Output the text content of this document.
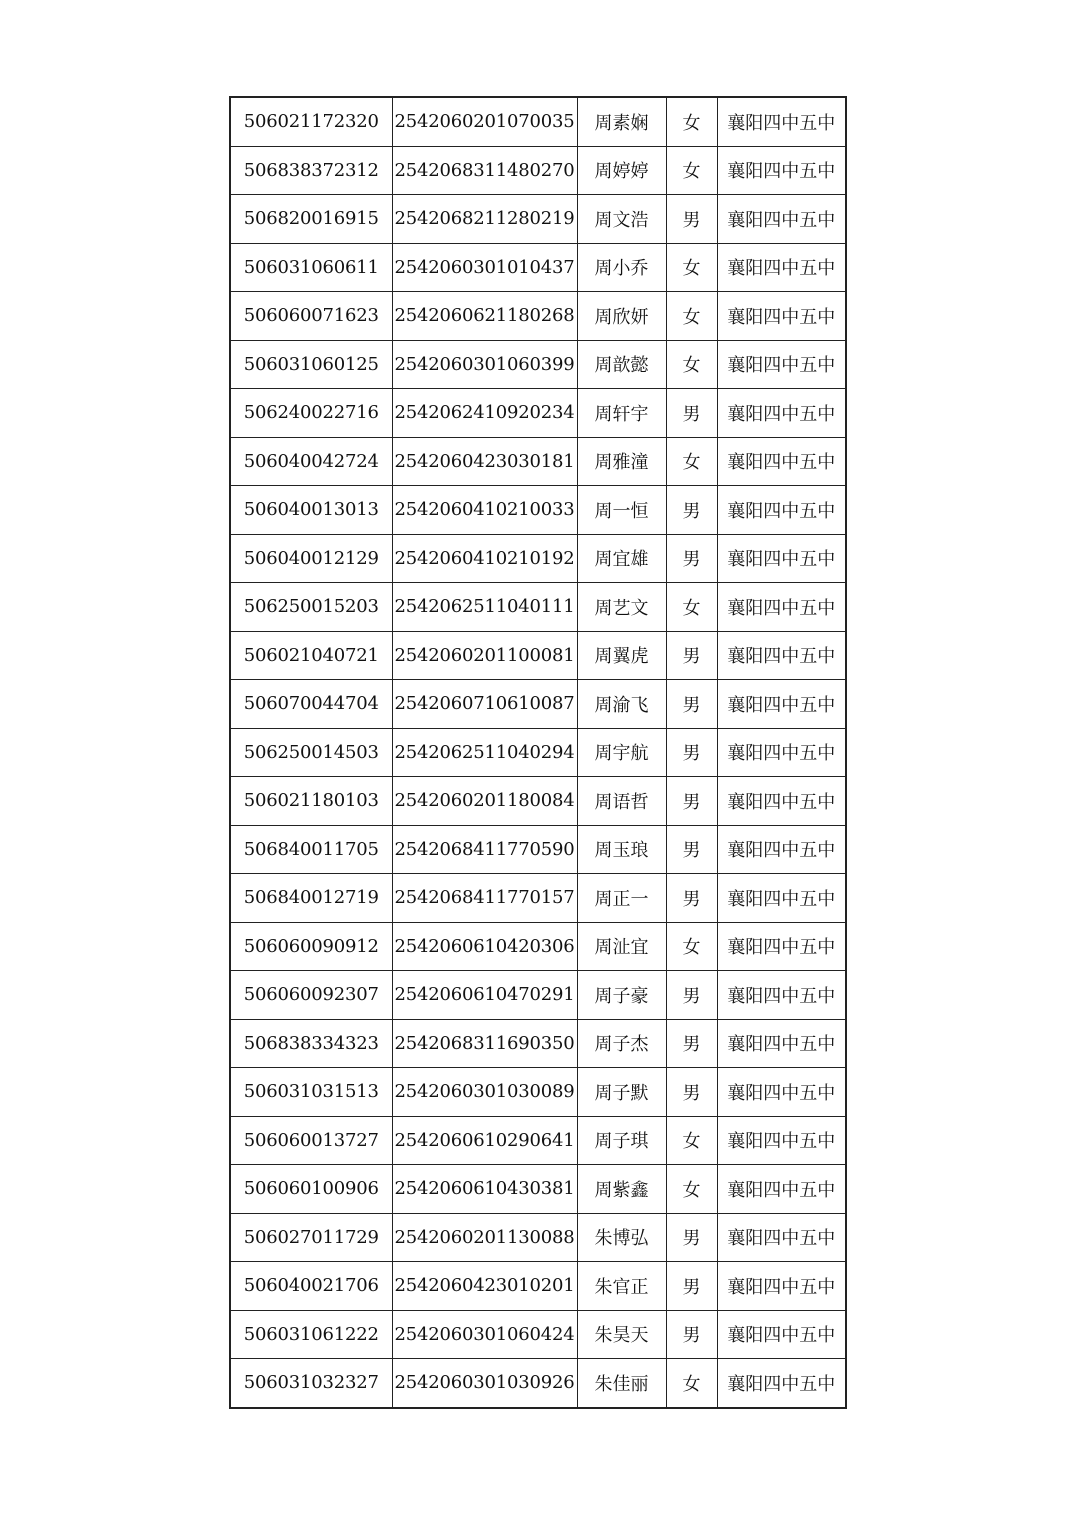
506021172320	2542060201070035	周素娴	女	襄阳四中五中
506838372312	2542068311480270	周婷婷	女	襄阳四中五中
506820016915	2542068211280219	周文浩	男	襄阳四中五中
506031060611	2542060301010437	周小乔	女	襄阳四中五中
506060071623	2542060621180268	周欣妍	女	襄阳四中五中
506031060125	2542060301060399	周歆懿	女	襄阳四中五中
506240022716	2542062410920234	周轩宇	男	襄阳四中五中
506040042724	2542060423030181	周雅潼	女	襄阳四中五中
506040013013	2542060410210033	周一恒	男	襄阳四中五中
506040012129	2542060410210192	周宜雄	男	襄阳四中五中
506250015203	2542062511040111	周艺文	女	襄阳四中五中
506021040721	2542060201100081	周翼虎	男	襄阳四中五中
506070044704	2542060710610087	周渝飞	男	襄阳四中五中
506250014503	2542062511040294	周宇航	男	襄阳四中五中
506021180103	2542060201180084	周语哲	男	襄阳四中五中
506840011705	2542068411770590	周玉琅	男	襄阳四中五中
506840012719	2542068411770157	周正一	男	襄阳四中五中
506060090912	2542060610420306	周沚宜	女	襄阳四中五中
506060092307	2542060610470291	周子豪	男	襄阳四中五中
506838334323	2542068311690350	周子杰	男	襄阳四中五中
506031031513	2542060301030089	周子默	男	襄阳四中五中
506060013727	2542060610290641	周子琪	女	襄阳四中五中
506060100906	2542060610430381	周紫鑫	女	襄阳四中五中
506027011729	2542060201130088	朱博弘	男	襄阳四中五中
506040021706	2542060423010201	朱官正	男	襄阳四中五中
506031061222	2542060301060424	朱昊天	男	襄阳四中五中
506031032327	2542060301030926	朱佳丽	女	襄阳四中五中
